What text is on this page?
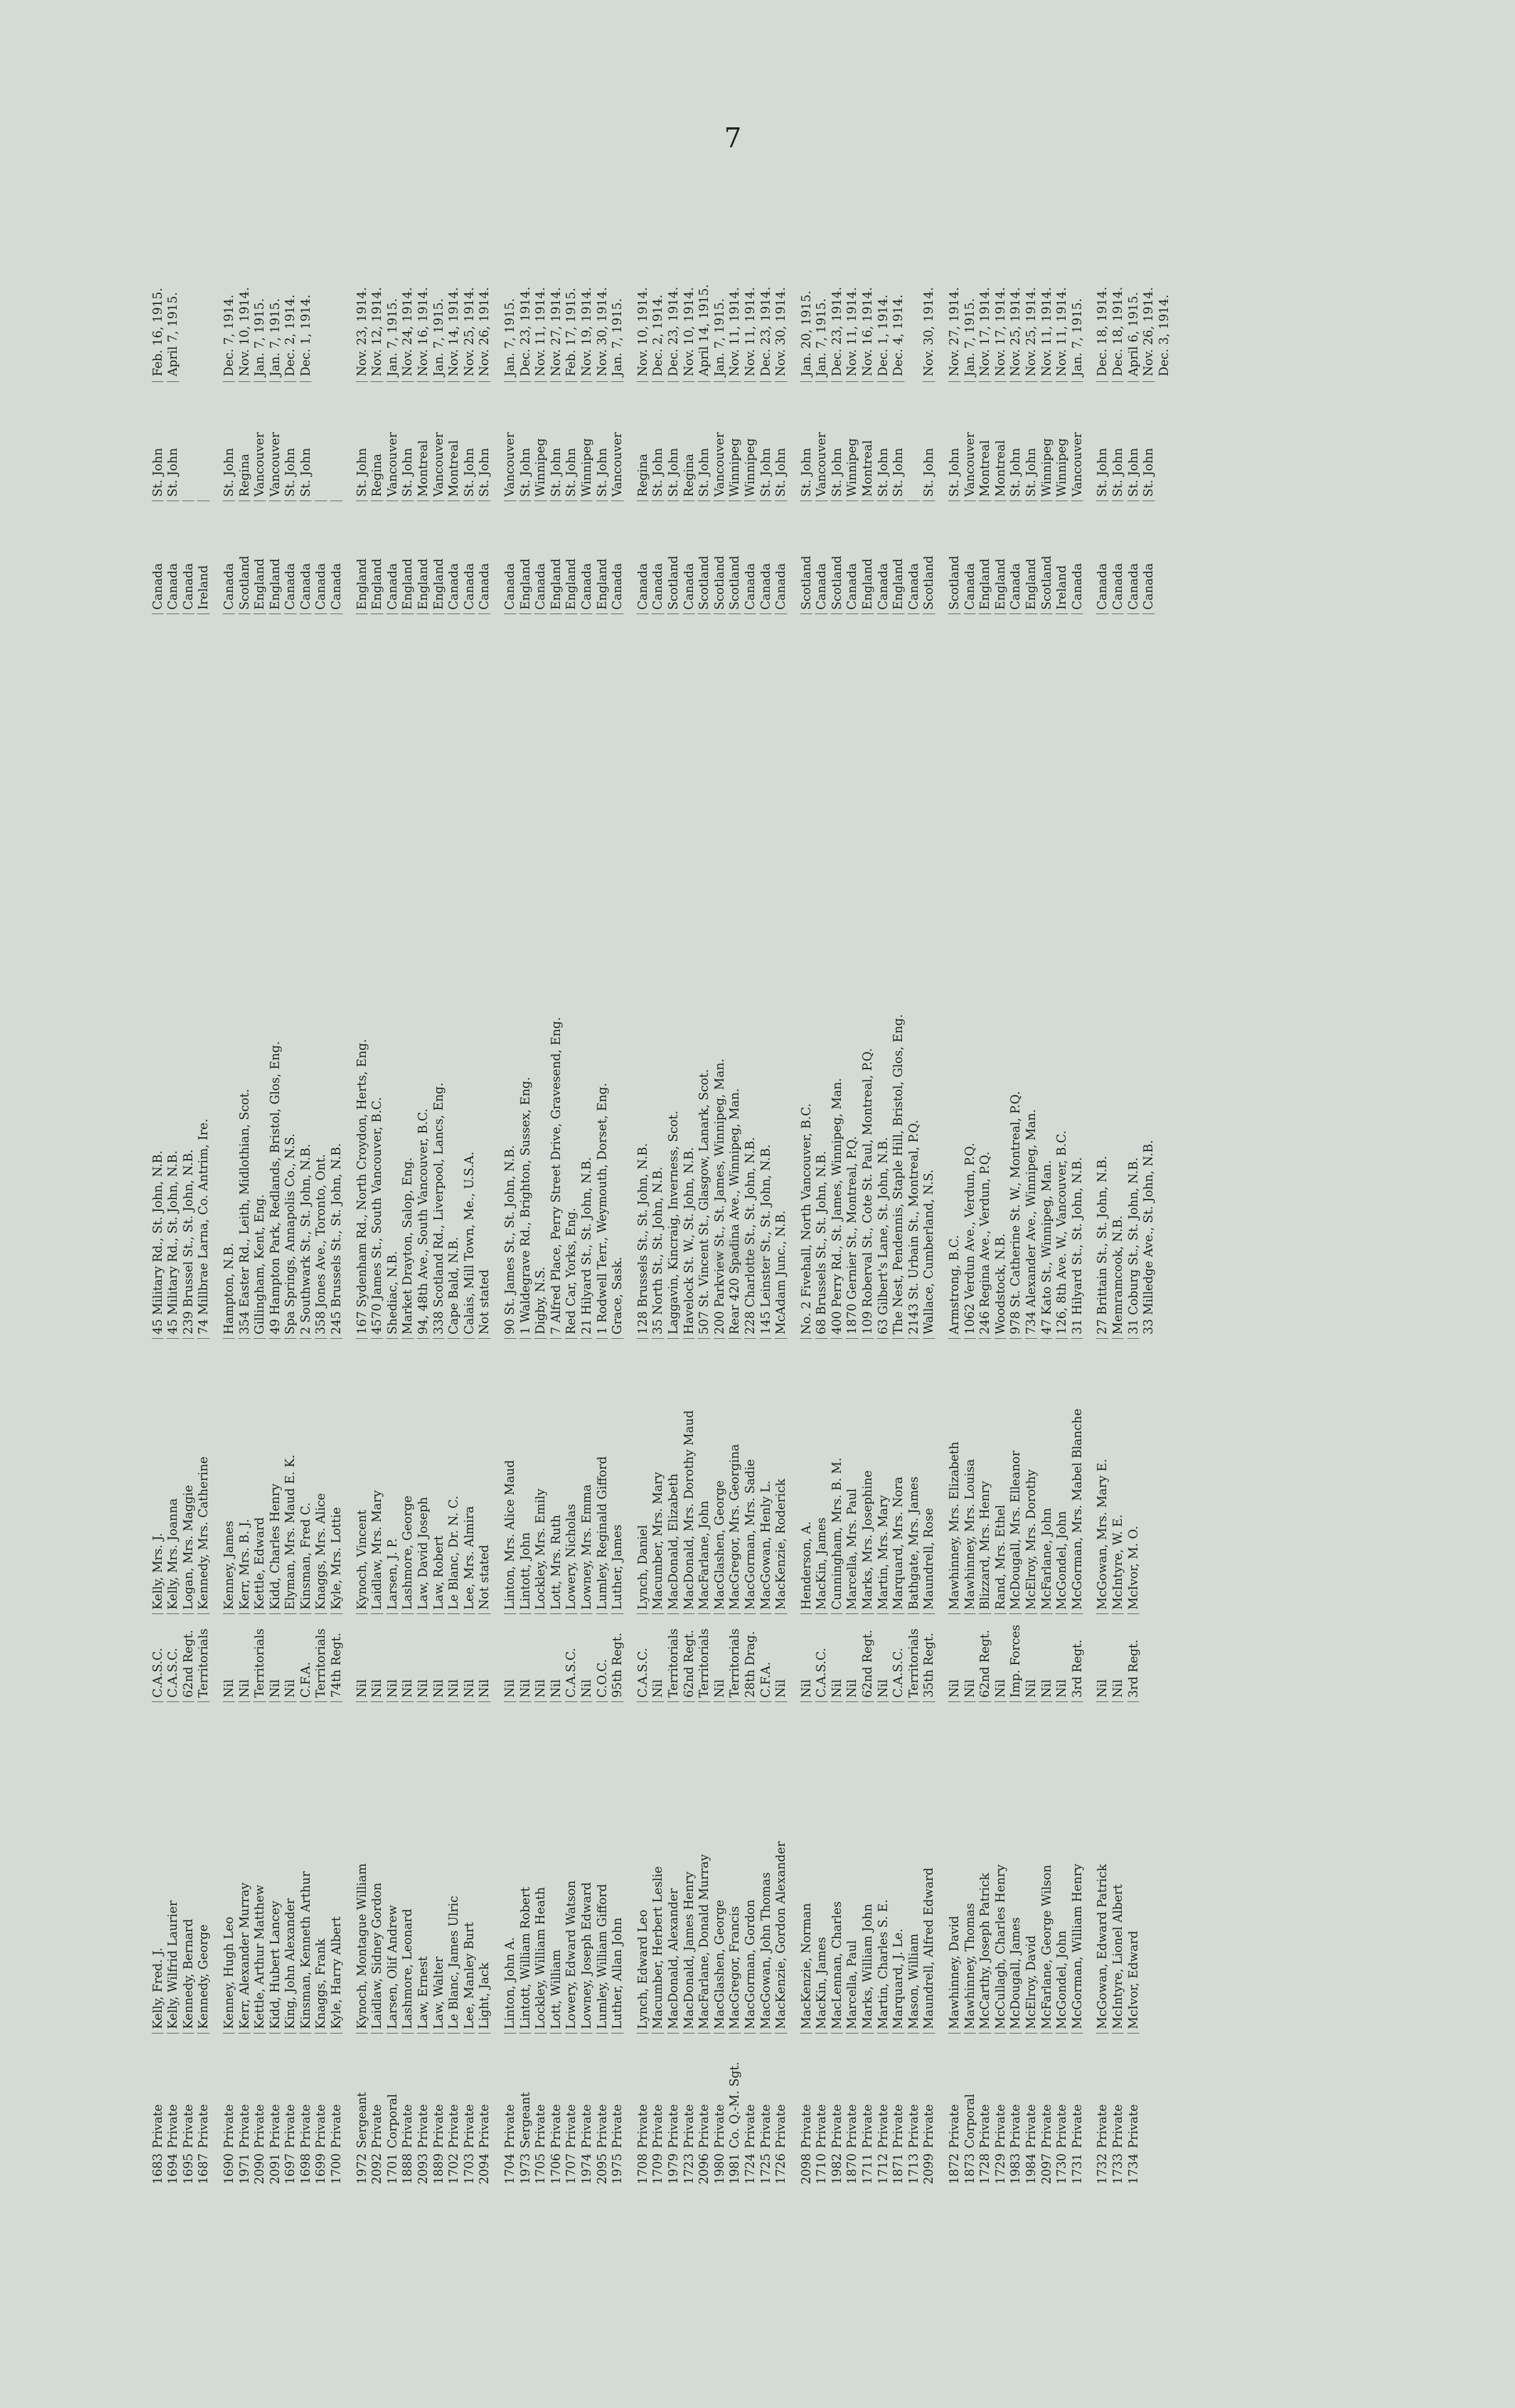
7
1683
Private
Kelly, Fred. J.
C.A.S.C.
Kelly, Mrs. J.
45 Military Rd., St. John, N.B.
Canada
St. John
Feb. 16, 1915.
1694
Private
Kelly, Wilfrid Laurier
C.A.S.C.
Kelly, Mrs. Joanna
45 Military Rd., St. John, N.B.
Canada
St. John
April 7, 1915.
1695
Private
Kennedy, Bernard
62nd Regt.
Logan, Mrs. Maggie
239 Brussel St., St. John, N.B.
Canada
1687
Private
Kennedy, George
Territorials
Kennedy, Mrs. Catherine
74 Millbrae Larna, Co. Antrim, Ire.
Ireland
1690
Private
Kenney, Hugh Leo
Nil
Kenney, James
Hampton, N.B.
Canada
St. John
Dec. 7, 1914.
1971
Private
Kerr, Alexander Murray
Nil
Kerr, Mrs. B. J.
354 Easter Rd., Leith, Midlothian, Scot.
Scotland
Regina
Nov. 10, 1914.
2090
Private
Kettle, Arthur Matthew
Territorials
Kettle, Edward
Gillingham, Kent, Eng.
England
Vancouver
Jan. 7, 1915.
2091
Private
Kidd, Hubert Lancey
Nil
Kidd, Charles Henry
49 Hampton Park, Redlands, Bristol, Glos, Eng.
England
Vancouver
Jan. 7, 1915.
1697
Private
King, John Alexander
Nil
Elyman, Mrs. Maud E. K.
Spa Springs, Annapolis Co., N.S.
Canada
St. John
Dec. 2, 1914.
1698
Private
Kinsman, Kenneth Arthur
C.F.A.
Kinsman, Fred C.
2 Southwark St., St. John, N.B.
Canada
St. John
Dec. 1, 1914.
1699
Private
Knaggs, Frank
Territorials
Knaggs, Mrs. Alice
358 Jones Ave., Toronto, Ont.
Canada
1700
Private
Kyle, Harry Albert
74th Regt.
Kyle, Mrs. Lottie
245 Brussels St., St. John, N.B.
Canada
1972
Sergeant
Kynoch, Montague William
Nil
Kynoch, Vincent
167 Sydenham Rd., North Croydon, Herts, Eng.
England
St. John
Nov. 23, 1914.
2092
Private
Laidlaw, Sidney Gordon
Nil
Laidlaw, Mrs. Mary
4570 James St., South Vancouver, B.C.
England
Regina
Nov. 12, 1914.
1701
Corporal
Larsen, Olif Andrew
Nil
Larsen, J. P.
Shediac, N.B.
Canada
Vancouver
Jan. 7, 1915.
1888
Private
Lashmore, Leonard
Nil
Lashmore, George
Market Drayton, Salop, Eng.
England
St. John
Nov. 24, 1914.
2093
Private
Law, Ernest
Nil
Law, David Joseph
94, 48th Ave., South Vancouver, B.C.
England
Montreal
Nov. 16, 1914.
1889
Private
Law, Walter
Nil
Law, Robert
338 Scotland Rd., Liverpool, Lancs, Eng.
England
Vancouver
Jan. 7, 1915.
1702
Private
Le Blanc, James Ulric
Nil
Le Blanc, Dr. N. C.
Cape Bald, N.B.
Canada
Montreal
Nov. 14, 1914.
1703
Private
Lee, Manley Burt
Nil
Lee, Mrs. Almira
Calais, Mill Town, Me., U.S.A.
Canada
St. John
Nov. 25, 1914.
2094
Private
Light, Jack
Nil
Not stated
Not stated
Canada
St. John
Nov. 26, 1914.
1704
Private
Linton, John A.
Nil
Linton, Mrs. Alice Maud
90 St. James St., St. John, N.B.
Canada
Vancouver
Jan. 7, 1915.
1973
Sergeant
Lintott, William Robert
Nil
Lintott, John
1 Waldegrave Rd., Brighton, Sussex, Eng.
England
St. John
Dec. 23, 1914.
1705
Private
Lockley, William Heath
Nil
Lockley, Mrs. Emily
Digby, N.S.
Canada
Winnipeg
Nov. 11, 1914.
1706
Private
Lott, William
Nil
Lott, Mrs. Ruth
7 Alfred Place, Perry Street Drive, Gravesend, Eng.
England
St. John
Nov. 27, 1914.
1707
Private
Lowery, Edward Watson
C.A.S.C.
Lowery, Nicholas
Red Car, Yorks, Eng.
England
St. John
Feb. 17, 1915.
1974
Private
Lowney, Joseph Edward
Nil
Lowney, Mrs. Emma
21 Hilyard St., St. John, N.B.
Canada
Winnipeg
Nov. 19, 1914.
2095
Private
Lumley, William Gifford
C.O.C.
Lumley, Reginald Gifford
1 Rodwell Terr., Weymouth, Dorset, Eng.
England
St. John
Nov. 30, 1914.
1975
Private
Luther, Allan John
95th Regt.
Luther, James
Grace, Sask.
Canada
Vancouver
Jan. 7, 1915.
1708
Private
Lynch, Edward Leo
C.A.S.C.
Lynch, Daniel
128 Brussels St., St. John, N.B.
Canada
Regina
Nov. 10, 1914.
1709
Private
Macumber, Herbert Leslie
Nil
Macumber, Mrs. Mary
35 North St., St. John, N.B.
Canada
St. John
Dec. 2, 1914.
1979
Private
MacDonald, Alexander
Territorials
MacDonald, Elizabeth
Laggavin, Kincraig, Inverness, Scot.
Scotland
St. John
Dec. 23, 1914.
1723
Private
MacDonald, James Henry
62nd Regt.
MacDonald, Mrs. Dorothy Maud
Havelock St. W., St. John, N.B.
Canada
Regina
Nov. 10, 1914.
2096
Private
MacFarlane, Donald Murray
Territorials
MacFarlane, John
507 St. Vincent St., Glasgow, Lanark, Scot.
Scotland
St. John
April 14, 1915.
1980
Private
MacGlashen, George
Nil
MacGlashen, George
200 Parkview St., St. James, Winnipeg, Man.
Scotland
Vancouver
Jan. 7, 1915.
1981
Co. Q.-M. Sgt.
MacGregor, Francis
Territorials
MacGregor, Mrs. Georgina
Rear 420 Spadina Ave., Winnipeg, Man.
Scotland
Winnipeg
Nov. 11, 1914.
1724
Private
MacGorman, Gordon
28th Drag.
MacGorman, Mrs. Sadie
228 Charlotte St., St. John, N.B.
Canada
Winnipeg
Nov. 11, 1914.
1725
Private
MacGowan, John Thomas
C.F.A.
MacGowan, Henly L.
145 Leinster St., St. John, N.B.
Canada
St. John
Dec. 23, 1914.
1726
Private
MacKenzie, Gordon Alexander
Nil
MacKenzie, Roderick
McAdam Junc., N.B.
Canada
St. John
Nov. 30, 1914.
2098
Private
MacKenzie, Norman
Nil
Henderson, A.
No. 2 Fivehall, North Vancouver, B.C.
Scotland
St. John
Jan. 20, 1915.
1710
Private
MacKin, James
C.A.S.C.
MacKin, James
68 Brussels St., St. John, N.B.
Canada
Vancouver
Jan. 7, 1915.
1982
Private
MacLennan, Charles
Nil
Cunningham, Mrs. B. M.
400 Perry Rd., St. James, Winnipeg, Man.
Scotland
St. John
Dec. 23, 1914.
1870
Private
Marcella, Paul
Nil
Marcella, Mrs. Paul
1870 Gernier St., Montreal, P.Q.
Canada
Winnipeg
Nov. 11, 1914.
1711
Private
Marks, William John
62nd Regt.
Marks, Mrs. Josephine
109 Roberval St., Cote St. Paul, Montreal, P.Q.
England
Montreal
Nov. 16, 1914.
1712
Private
Martin, Charles S. E.
Nil
Martin, Mrs. Mary
63 Gilbert's Lane, St. John, N.B.
Canada
St. John
Dec. 1, 1914.
1871
Private
Marquard, J. Le.
C.A.S.C.
Marquard, Mrs. Nora
The Nest, Pendennis, Staple Hill, Bristol, Glos, Eng.
England
St. John
Dec. 4, 1914.
1713
Private
Mason, William
Territorials
Bathgate, Mrs. James
2143 St. Urbain St., Montreal, P.Q.
Canada
2099
Private
Maundrell, Alfred Edward
35th Regt.
Maundrell, Rose
Wallace, Cumberland, N.S.
Scotland
St. John
Nov. 30, 1914.
1872
Private
Mawhinney, David
Nil
Mawhinney, Mrs. Elizabeth
Armstrong, B.C.
Scotland
St. John
Nov. 27, 1914.
1873
Corporal
Mawhinney, Thomas
Nil
Mawhinney, Mrs. Louisa
1062 Verdun Ave., Verdun, P.Q.
Canada
Vancouver
Jan. 7, 1915.
1728
Private
McCarthy, Joseph Patrick
62nd Regt.
Blizzard, Mrs. Henry
246 Regina Ave., Verdun, P.Q.
England
Montreal
Nov. 17, 1914.
1729
Private
McCullagh, Charles Henry
Nil
Rand, Mrs. Ethel
Woodstock, N.B.
England
Montreal
Nov. 17, 1914.
1983
Private
McDougall, James
Imp. Forces
McDougall, Mrs. Elleanor
978 St. Catherine St. W., Montreal, P.Q.
Canada
St. John
Nov. 25, 1914.
1984
Private
McElroy, David
Nil
McElroy, Mrs. Dorothy
734 Alexander Ave., Winnipeg, Man.
England
St. John
Nov. 25, 1914.
2097
Private
McFarlane, George Wilson
Nil
McFarlane, John
47 Kato St., Winnipeg, Man.
Scotland
Winnipeg
Nov. 11, 1914.
1730
Private
McGondel, John
Nil
McGondel, John
126, 8th Ave. W., Vancouver, B.C.
Ireland
Winnipeg
Nov. 11, 1914.
1731
Private
McGorman, William Henry
3rd Regt.
McGorman, Mrs. Mabel Blanche
31 Hilyard St., St. John, N.B.
Canada
Vancouver
Jan. 7, 1915.
1732
Private
McGowan, Edward Patrick
Nil
McGowan, Mrs. Mary E.
27 Brittain St., St. John, N.B.
Canada
St. John
Dec. 18, 1914.
1733
Private
McIntyre, Lionel Albert
Nil
McIntyre, W. E.
Memramcook, N.B.
Canada
St. John
Dec. 18, 1914.
1734
Private
McIvor, Edward
3rd Regt.
McIvor, M. O.
31 Coburg St., St. John, N.B.
Canada
St. John
April 6, 1915.
33 Milledge Ave., St. John, N.B.
Canada
St. John
Nov. 26, 1914. Dec. 3, 1914.
